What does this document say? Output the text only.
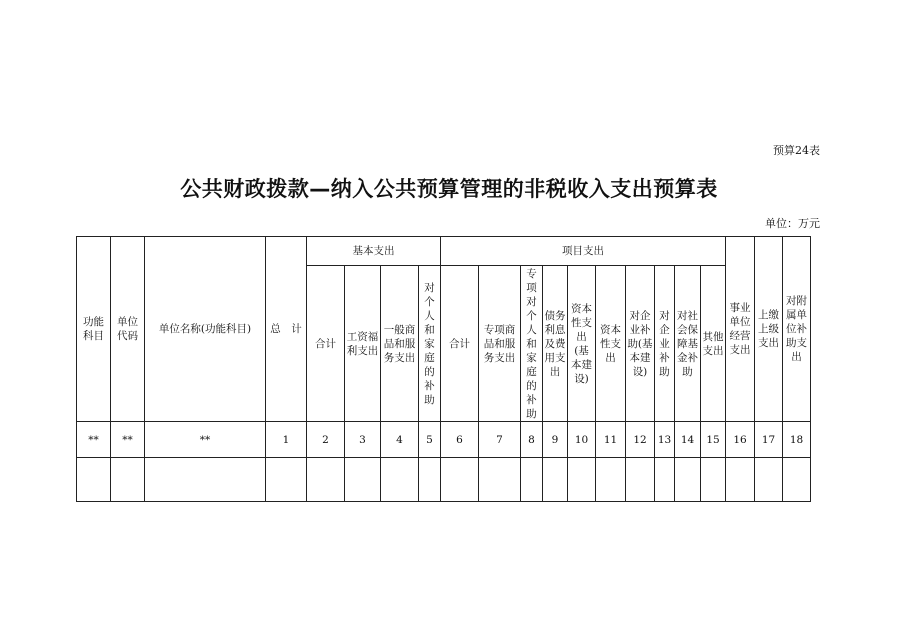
预算24表
公共财政拨款—纳入公共预算管理的非税收入支出预算表
单位：万元
功能科目	单位代码	单位名称(功能科目)	总　计	基本支出				项目支出										事业单位经营支出	上缴上级支出	对附属单位补助支出
				合计	工资福利支出	一般商品和服务支出	对个人和家庭的补助	合计	专项商品和服务支出	专项对个人和家庭的补助	债务利息及费用支出	资本性支出(基本建设)	资本性支出	对企业补助(基本建设)	对企业补助	对社会保障基金补助	其他支出			
**	**	**	1	2	3	4	5	6	7	8	9	10	11	12	13	14	15	16	17	18
